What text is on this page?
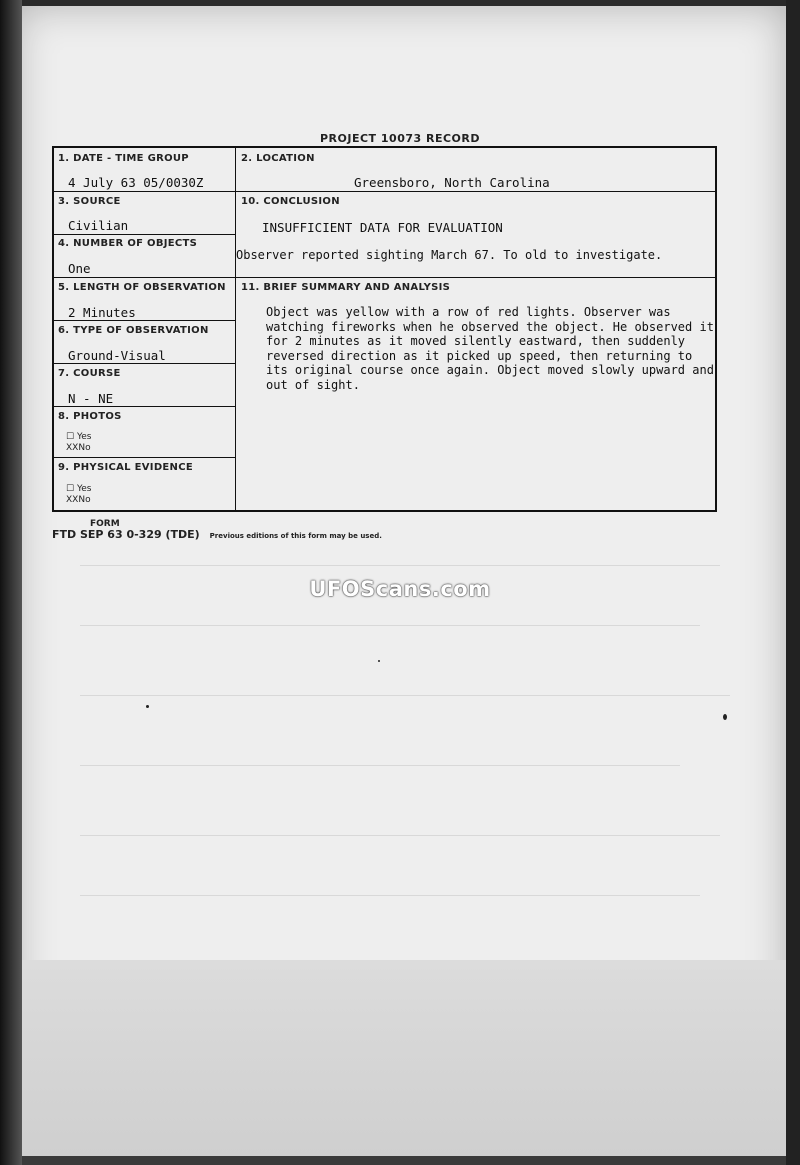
PROJECT 10073 RECORD
1. DATE - TIME GROUP
4 July 63 05/0030Z
3. SOURCE
Civilian
4. NUMBER OF OBJECTS
One
5. LENGTH OF OBSERVATION
2 Minutes
6. TYPE OF OBSERVATION
Ground-Visual
7. COURSE
N - NE
8. PHOTOS
☐ Yes
XXNo
9. PHYSICAL EVIDENCE
☐ Yes
XXNo
2. LOCATION
Greensboro, North Carolina
10. CONCLUSION
INSUFFICIENT DATA FOR EVALUATION
Observer reported sighting March 67. To old to investigate.
11. BRIEF SUMMARY AND ANALYSIS
Object was yellow with a row of red lights. Observer was watching fireworks when he observed the object. He observed it for 2 minutes as it moved silently eastward, then suddenly reversed direction as it picked up speed, then returning to its original course once again. Object moved slowly upward and out of sight.
FORM
FTD SEP 63 0-329 (TDE) Previous editions of this form may be used.
UFOScans.com
